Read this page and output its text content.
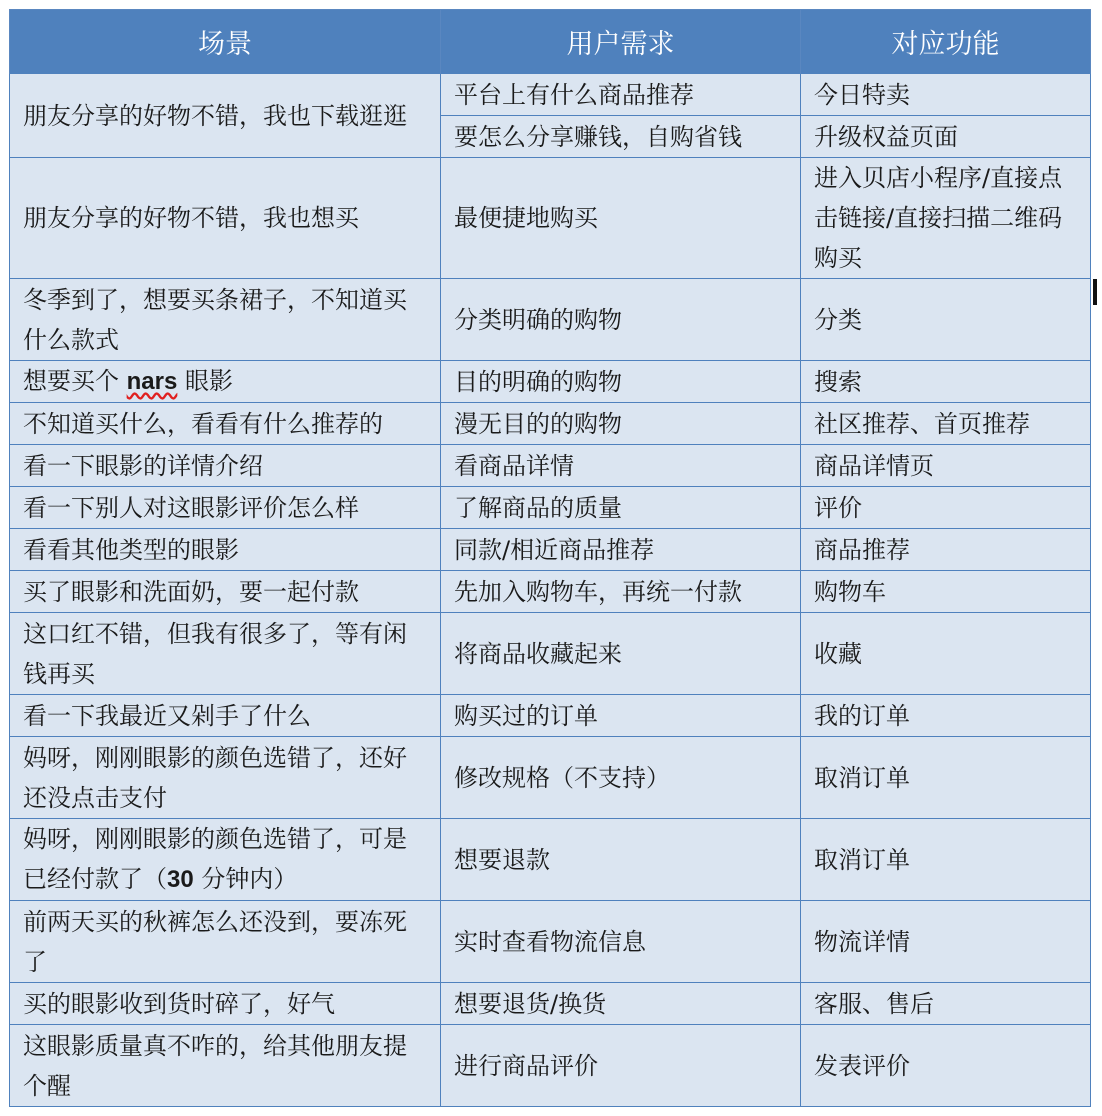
场景	用户需求	对应功能
朋友分享的好物不错，我也下载逛逛	平台上有什么商品推荐	今日特卖
	要怎么分享赚钱，自购省钱	升级权益页面
朋友分享的好物不错，我也想买	最便捷地购买	进入贝店小程序/直接点击链接/直接扫描二维码购买
冬季到了，想要买条裙子，不知道买什么款式	分类明确的购物	分类
想要买个 nars 眼影	目的明确的购物	搜索
不知道买什么，看看有什么推荐的	漫无目的的购物	社区推荐、首页推荐
看一下眼影的详情介绍	看商品详情	商品详情页
看一下别人对这眼影评价怎么样	了解商品的质量	评价
看看其他类型的眼影	同款/相近商品推荐	商品推荐
买了眼影和洗面奶，要一起付款	先加入购物车，再统一付款	购物车
这口红不错，但我有很多了，等有闲钱再买	将商品收藏起来	收藏
看一下我最近又剁手了什么	购买过的订单	我的订单
妈呀，刚刚眼影的颜色选错了，还好还没点击支付	修改规格（不支持）	取消订单
妈呀，刚刚眼影的颜色选错了，可是已经付款了（30 分钟内）	想要退款	取消订单
前两天买的秋裤怎么还没到，要冻死了	实时查看物流信息	物流详情
买的眼影收到货时碎了，好气	想要退货/换货	客服、售后
这眼影质量真不咋的，给其他朋友提个醒	进行商品评价	发表评价
